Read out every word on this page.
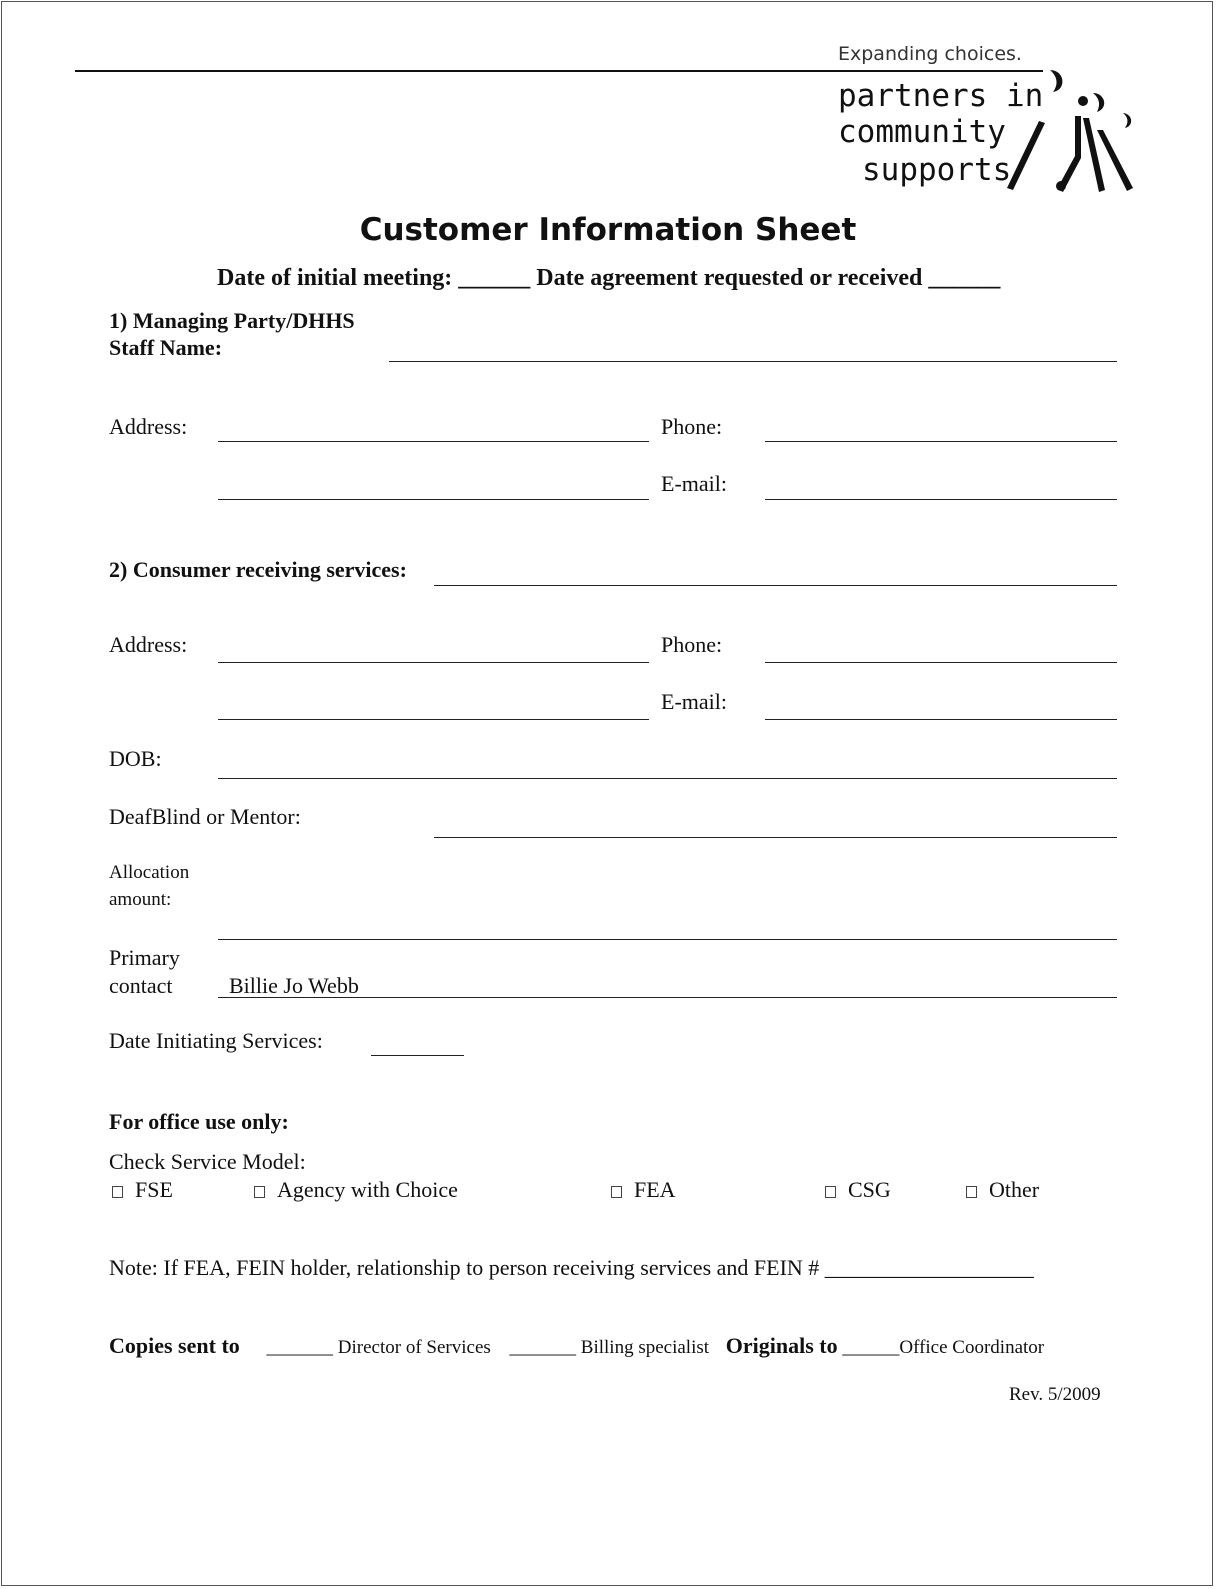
Expanding choices.
partners in
community
supports
Customer Information Sheet
Date of initial meeting: ______ Date agreement requested or received ______
1) Managing Party/DHHS
Staff Name:
Address:	Phone:
E-mail:
2) Consumer receiving services:
Address:	Phone:
E-mail:
DOB:
DeafBlind or Mentor:
Allocation
amount:
Primary
contact	Billie Jo Webb
Date Initiating Services:
For office use only:
Check Service Model:
FSE	Agency with Choice	FEA	CSG	Other
Note: If FEA, FEIN holder, relationship to person receiving services and FEIN # ___________________
Copies sent to _______ Director of Services _______ Billing specialist Originals to ______Office Coordinator
Rev. 5/2009
